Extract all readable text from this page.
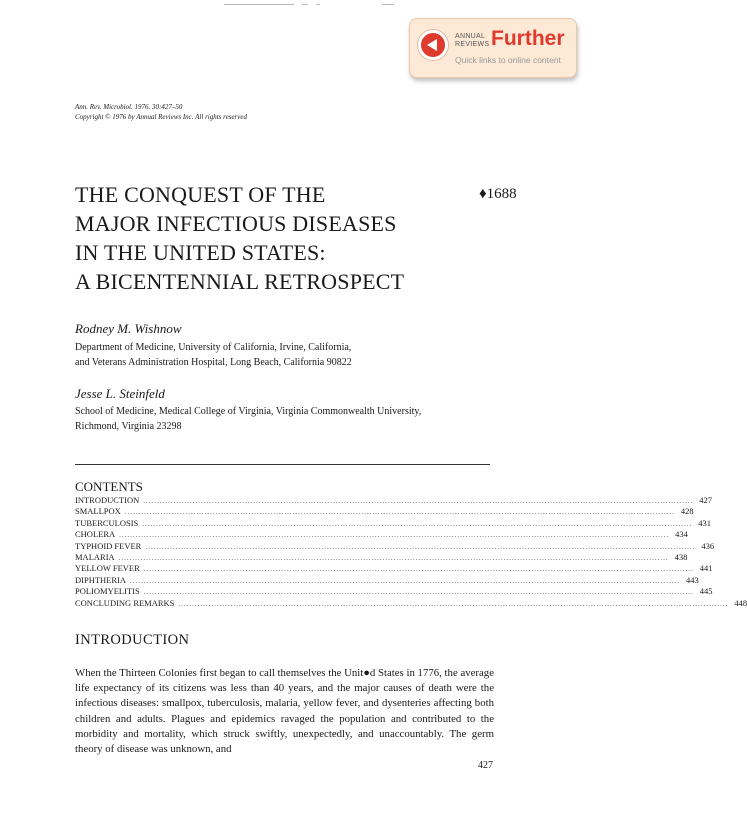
ANNUAL
REVIEWS Further
Quick links to online content
Ann. Rev. Microbiol. 1976. 30:427–50
Copyright © 1976 by Annual Reviews Inc. All rights reserved
THE CONQUEST OF THE
MAJOR INFECTIOUS DISEASES
IN THE UNITED STATES:
A BICENTENNIAL RETROSPECT
♦1688
Rodney M. Wishnow
Department of Medicine, University of California, Irvine, California,
and Veterans Administration Hospital, Long Beach, California 90822
Jesse L. Steinfeld
School of Medicine, Medical College of Virginia, Virginia Commonwealth University,
Richmond, Virginia 23298
CONTENTS
INTRODUCTION ........................................................................................................................................................................................................ 427
SMALLPOX ........................................................................................................................................................................................................ 428
TUBERCULOSIS ........................................................................................................................................................................................................ 431
CHOLERA ........................................................................................................................................................................................................ 434
TYPHOID FEVER ........................................................................................................................................................................................................ 436
MALARIA ........................................................................................................................................................................................................ 438
YELLOW FEVER ........................................................................................................................................................................................................ 441
DIPHTHERIA ........................................................................................................................................................................................................ 443
POLIOMYELITIS ........................................................................................................................................................................................................ 445
CONCLUDING REMARKS ........................................................................................................................................................................................................ 448
INTRODUCTION
When the Thirteen Colonies first began to call themselves the Unit●d States in 1776, the average life expectancy of its citizens was less than 40 years, and the major causes of death were the infectious diseases: smallpox, tuberculosis, malaria, yellow fever, and dysenteries affecting both children and adults. Plagues and epidemics ravaged the population and contributed to the morbidity and mortality, which struck swiftly, unexpectedly, and unaccountably. The germ theory of disease was unknown, and
427
